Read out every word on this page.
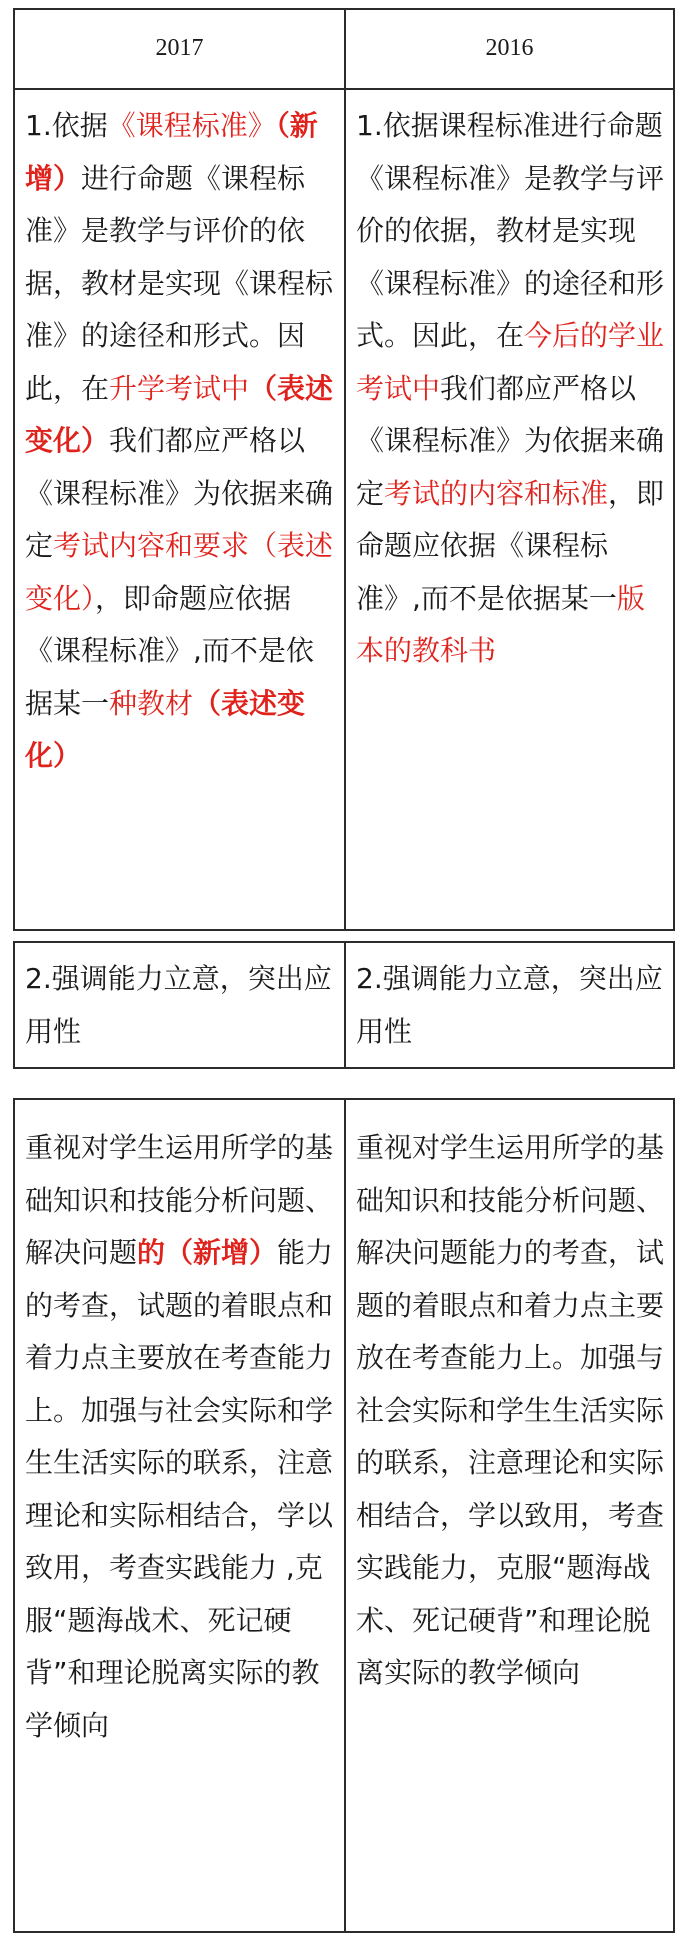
2017	2016
1.依据《课程标准》（新增）进行命题《课程标准》是教学与评价的依据，教材是实现《课程标准》的途径和形式。因此，在升学考试中（表述变化）我们都应严格以《课程标准》为依据来确定考试内容和要求（表述变化），即命题应依据《课程标准》,而不是依据某一种教材（表述变化）
1.依据课程标准进行命题《课程标准》是教学与评价的依据，教材是实现《课程标准》的途径和形式。因此，在今后的学业考试中我们都应严格以《课程标准》为依据来确定考试的内容和标准，即命题应依据《课程标准》,而不是依据某一版本的教科书
2.强调能力立意，突出应用性
2.强调能力立意，突出应用性
重视对学生运用所学的基础知识和技能分析问题、解决问题的（新增）能力的考查，试题的着眼点和着力点主要放在考查能力上。加强与社会实际和学生生活实际的联系，注意理论和实际相结合，学以致用，考查实践能力 ,克服“题海战术、死记硬背”和理论脱离实际的教学倾向
重视对学生运用所学的基础知识和技能分析问题、解决问题能力的考查，试题的着眼点和着力点主要放在考查能力上。加强与社会实际和学生生活实际的联系，注意理论和实际相结合，学以致用，考查实践能力，克服“题海战术、死记硬背”和理论脱离实际的教学倾向
